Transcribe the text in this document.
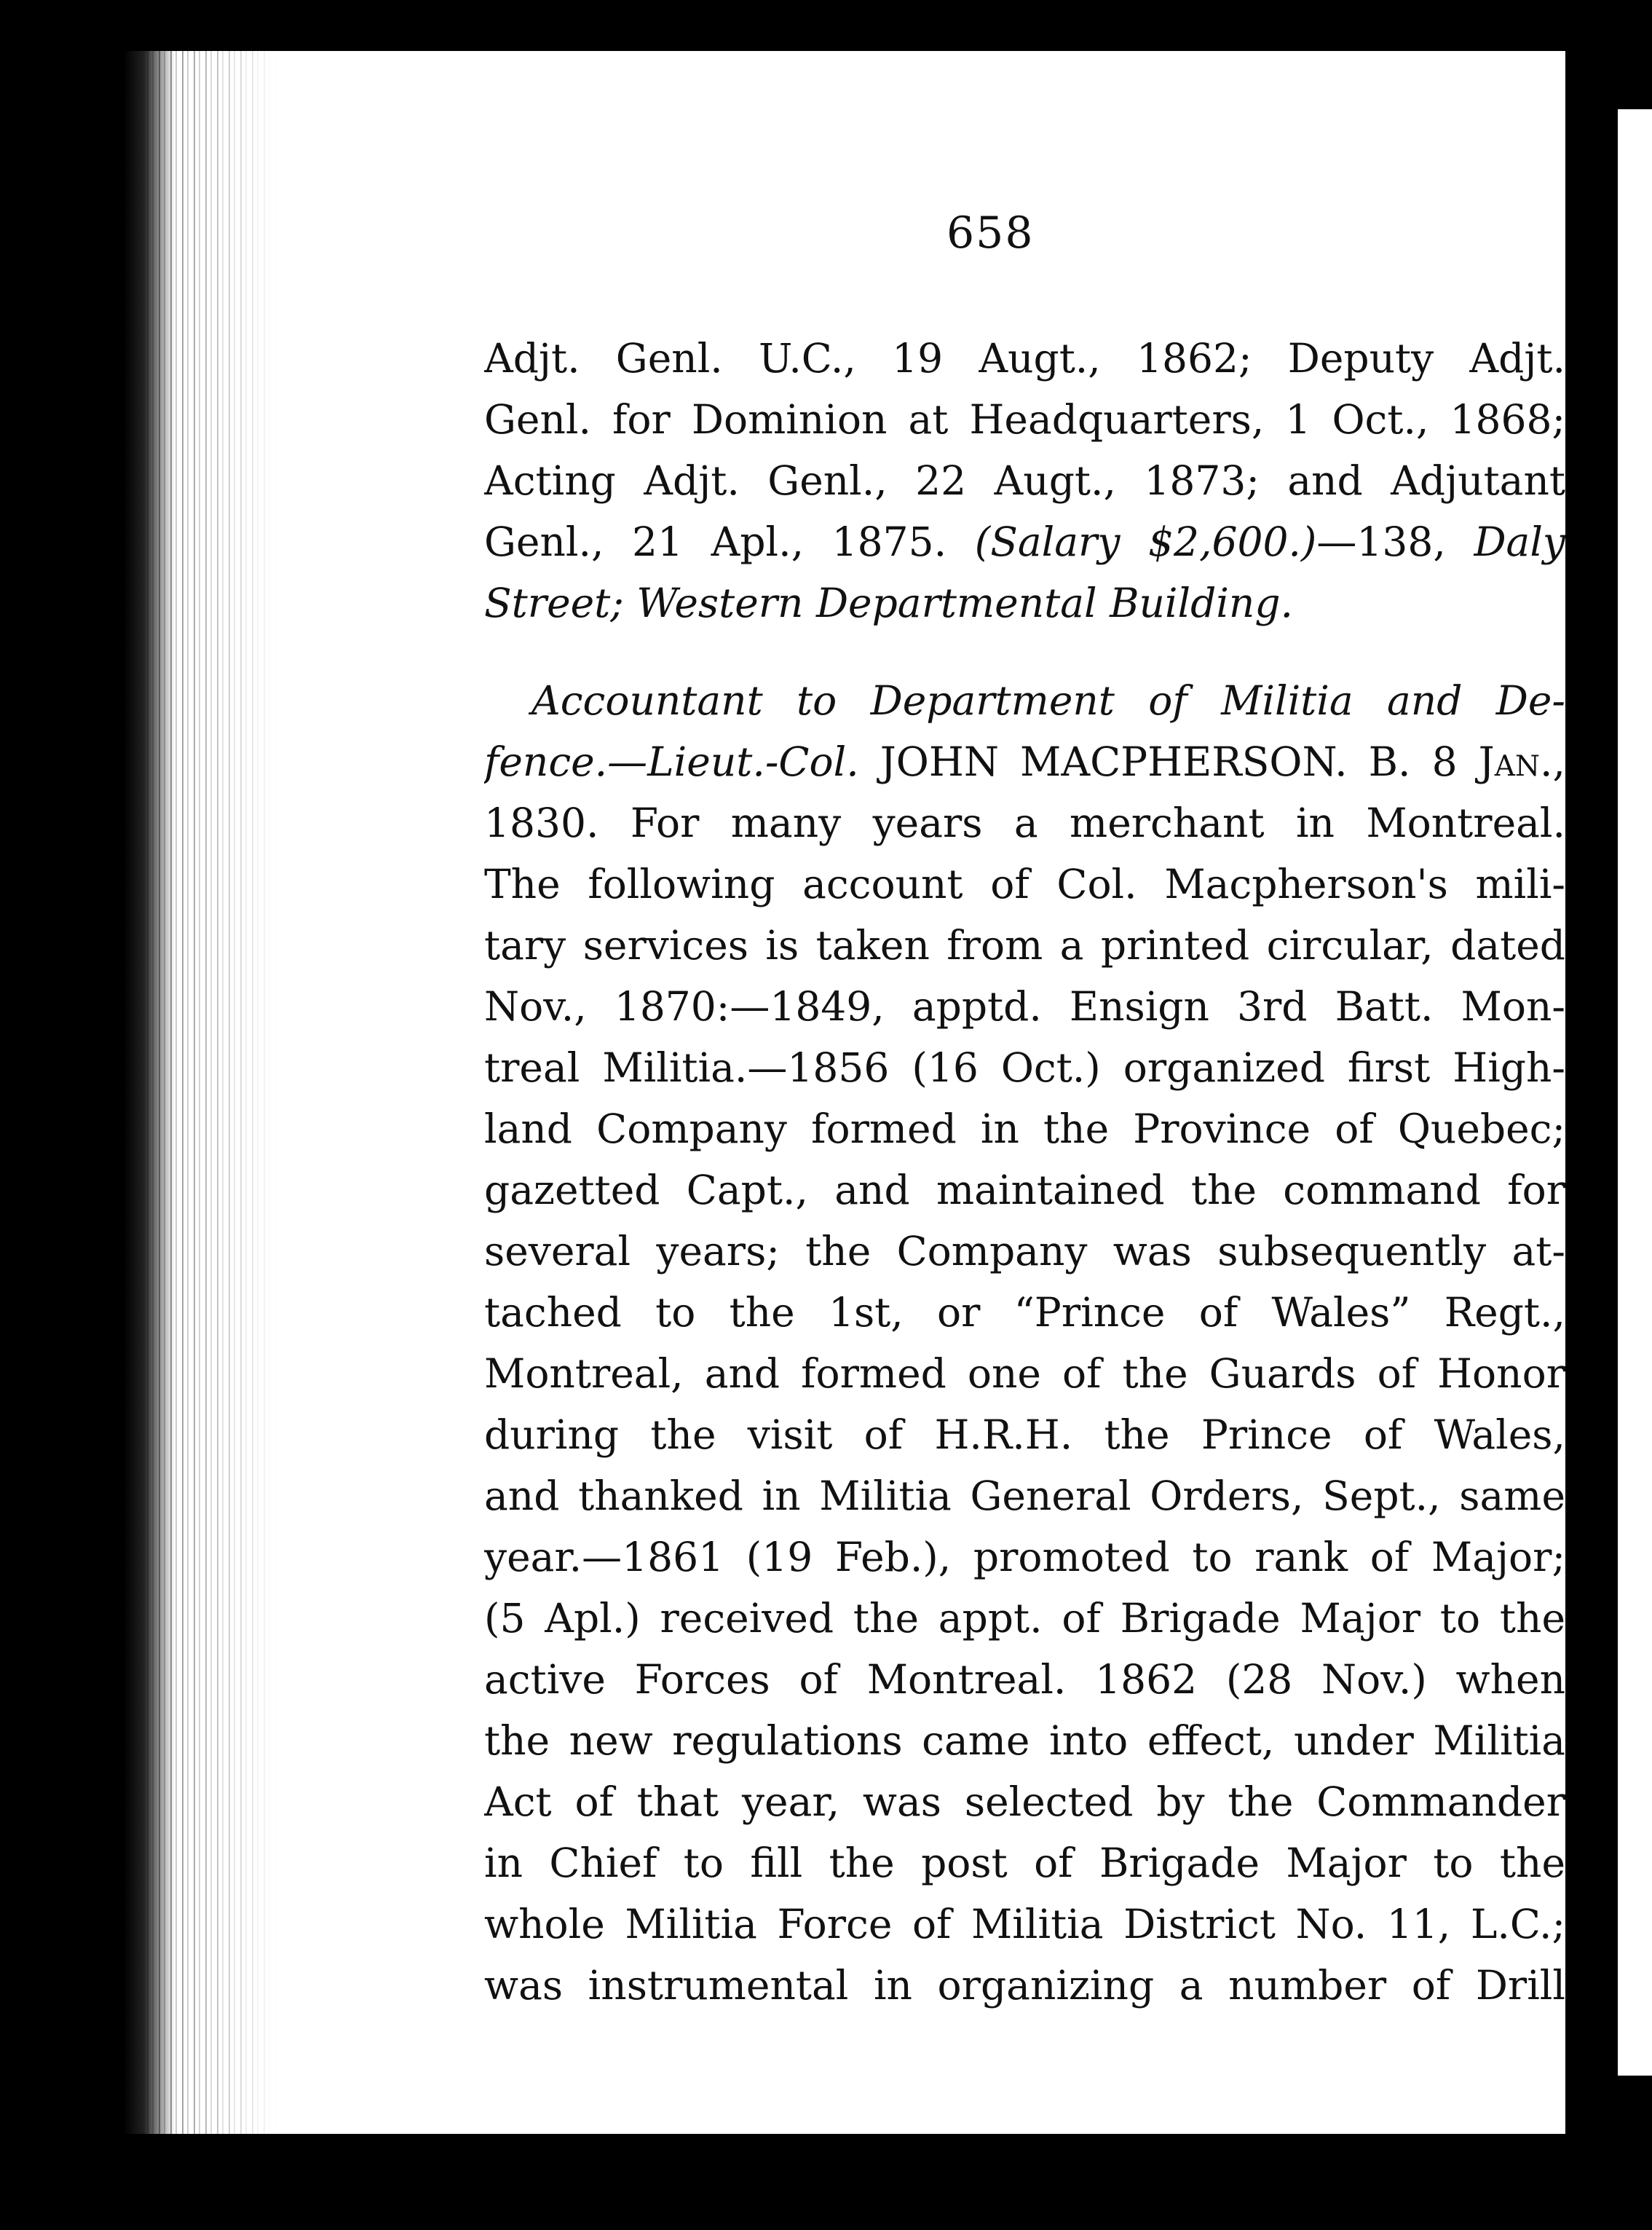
658
Adjt. Genl. U.C., 19 Augt., 1862; Deputy Adjt.
Genl. for Dominion at Headquarters, 1 Oct., 1868;
Acting Adjt. Genl., 22 Augt., 1873; and Adjutant
Genl., 21 Apl., 1875. (Salary $2,600.)—138, Daly
Street; Western Departmental Building.
Accountant to Department of Militia and De-
fence.—Lieut.-Col. JOHN MACPHERSON. B. 8 Jan.,
1830. For many years a merchant in Montreal.
The following account of Col. Macpherson's mili-
tary services is taken from a printed circular, dated
Nov., 1870:—1849, apptd. Ensign 3rd Batt. Mon-
treal Militia.—1856 (16 Oct.) organized first High-
land Company formed in the Province of Quebec;
gazetted Capt., and maintained the command for
several years; the Company was subsequently at-
tached to the 1st, or “Prince of Wales” Regt.,
Montreal, and formed one of the Guards of Honor
during the visit of H.R.H. the Prince of Wales,
and thanked in Militia General Orders, Sept., same
year.—1861 (19 Feb.), promoted to rank of Major;
(5 Apl.) received the appt. of Brigade Major to the
active Forces of Montreal. 1862 (28 Nov.) when
the new regulations came into effect, under Militia
Act of that year, was selected by the Commander
in Chief to fill the post of Brigade Major to the
whole Militia Force of Militia District No. 11, L.C.;
was instrumental in organizing a number of Drill
